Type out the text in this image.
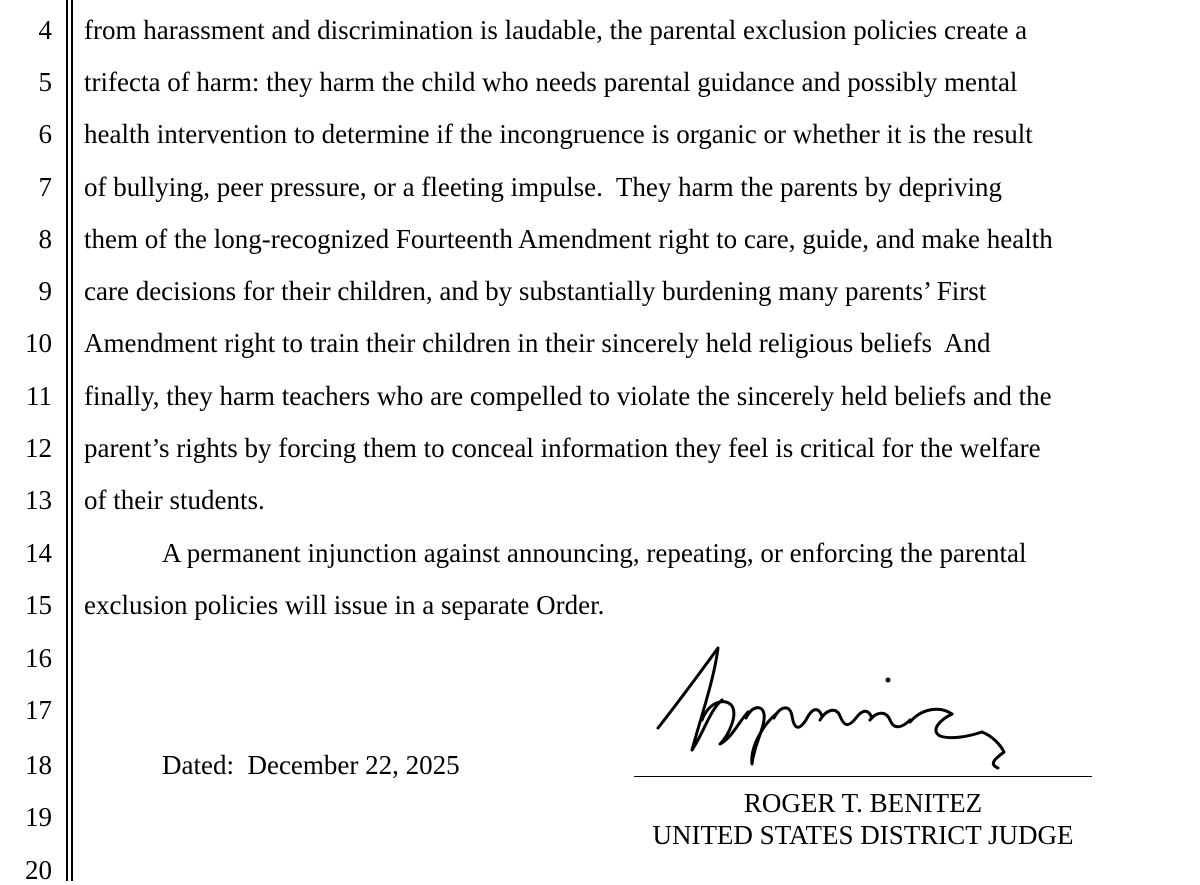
4
5
6
7
8
9
10
11
12
13
14
15
16
17
18
19
20
from harassment and discrimination is laudable, the parental exclusion policies create a
trifecta of harm: they harm the child who needs parental guidance and possibly mental
health intervention to determine if the incongruence is organic or whether it is the result
of bullying, peer pressure, or a fleeting impulse.  They harm the parents by depriving
them of the long-recognized Fourteenth Amendment right to care, guide, and make health
care decisions for their children, and by substantially burdening many parents’ First
Amendment right to train their children in their sincerely held religious beliefs  And
finally, they harm teachers who are compelled to violate the sincerely held beliefs and the
parent’s rights by forcing them to conceal information they feel is critical for the welfare
of their students.
A permanent injunction against announcing, repeating, or enforcing the parental
exclusion policies will issue in a separate Order.
Dated:  December 22, 2025
ROGER T. BENITEZ
UNITED STATES DISTRICT JUDGE
